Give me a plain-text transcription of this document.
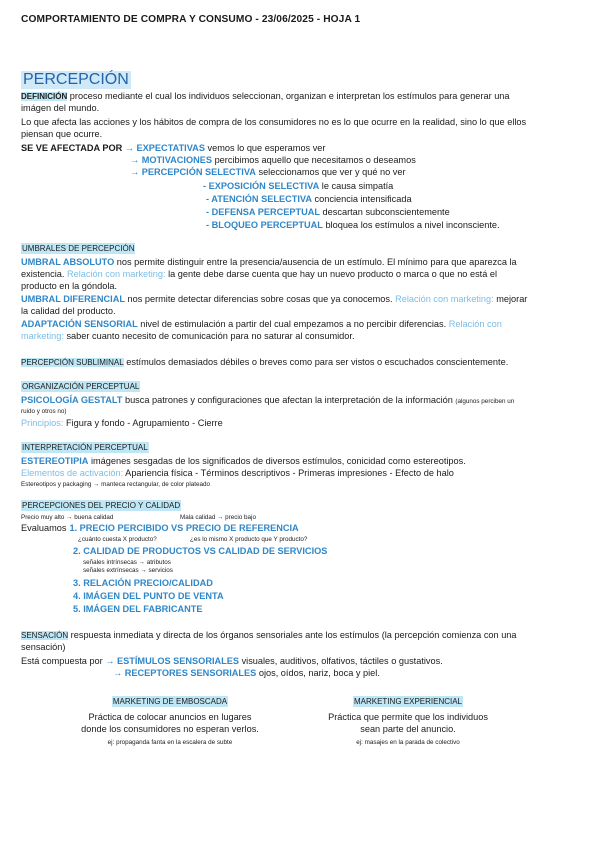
COMPORTAMIENTO DE COMPRA Y CONSUMO - 23/06/2025 - HOJA 1
PERCEPCIÓN
DEFINICIÓN proceso mediante el cual los individuos seleccionan, organizan e interpretan los estímulos para generar una
imágen del mundo.
Lo que afecta las acciones y los hábitos de compra de los consumidores no es lo que ocurre en la realidad, sino lo que ellos
piensan que ocurre.
SE VE AFECTADA POR → EXPECTATIVAS vemos lo que esperamos ver
→ MOTIVACIONES percibimos aquello que necesitamos o deseamos
→ PERCEPCIÓN SELECTIVA seleccionamos que ver y qué no ver
- EXPOSICIÓN SELECTIVA le causa simpatía
- ATENCIÓN SELECTIVA conciencia intensificada
- DEFENSA PERCEPTUAL descartan subconscientemente
- BLOQUEO PERCEPTUAL bloquea los estímulos a nivel inconsciente.
UMBRALES DE PERCEPCIÓN
UMBRAL ABSOLUTO nos permite distinguir entre la presencia/ausencia de un estímulo. El mínimo para que aparezca la
existencia. Relación con marketing: la gente debe darse cuenta que hay un nuevo producto o marca o que no está el
producto en la góndola.
UMBRAL DIFERENCIAL nos permite detectar diferencias sobre cosas que ya conocemos. Relación con marketing: mejorar
la calidad del producto.
ADAPTACIÓN SENSORIAL nivel de estimulación a partir del cual empezamos a no percibir diferencias. Relación con
marketing: saber cuanto necesito de comunicación para no saturar al consumidor.
PERCEPCIÓN SUBLIMINAL estímulos demasiados débiles o breves como para ser vistos o escuchados conscientemente.
ORGANIZACIÓN PERCEPTUAL
PSICOLOGÍA GESTALT busca patrones y configuraciones que afectan la interpretación de la información (algunos perciben un
ruido y otros no)
Principios: Figura y fondo - Agrupamiento - Cierre
INTERPRETACIÓN PERCEPTUAL
ESTEREOTIPIA imágenes sesgadas de los significados de diversos estímulos, conicidad como estereotipos.
Elementos de activación: Apariencia física - Términos descriptivos - Primeras impresiones - Efecto de halo
Estereotipos y packaging → manteca rectangular, de color plateado
PERCEPCIONES DEL PRECIO Y CALIDAD
Precio muy alto → buena calidad	Mala calidad → precio bajo
Evaluamos 1. PRECIO PERCIBIDO VS PRECIO DE REFERENCIA
¿cuánto cuesta X producto?	¿es lo mismo X producto que Y producto?
2. CALIDAD DE PRODUCTOS VS CALIDAD DE SERVICIOS
señales intrínsecas → atributos
señales extrínsecas → servicios
3. RELACIÓN PRECIO/CALIDAD
4. IMÁGEN DEL PUNTO DE VENTA
5. IMÁGEN DEL FABRICANTE
SENSACIÓN respuesta inmediata y directa de los órganos sensoriales ante los estímulos (la percepción comienza con una
sensación)
Está compuesta por → ESTÍMULOS SENSORIALES visuales, auditivos, olfativos, táctiles o gustativos.
→ RECEPTORES SENSORIALES ojos, oídos, nariz, boca y piel.
MARKETING DE EMBOSCADA
Práctica de colocar anuncios en lugares
donde los consumidores no esperan verlos.
ej: propaganda fanta en la escalera de subte
MARKETING EXPERIENCIAL
Práctica que permite que los individuos
sean parte del anuncio.
ej: masajes en la parada de colectivo
